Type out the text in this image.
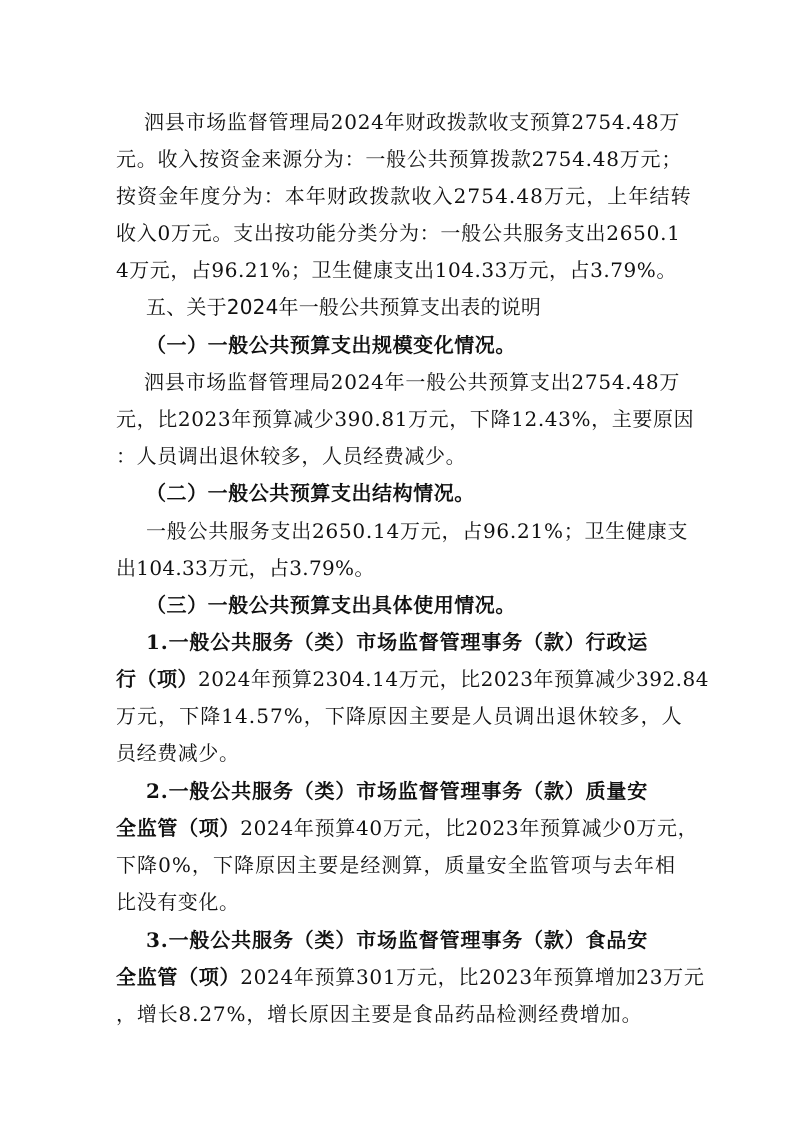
泗县市场监督管理局2024年财政拨款收支预算2754.48万

元。收入按资金来源分为：一般公共预算拨款2754.48万元；

按资金年度分为：本年财政拨款收入2754.48万元，上年结转

收入0万元。支出按功能分类分为：一般公共服务支出2650.1

4万元，占96.21%；卫生健康支出104.33万元，占3.79%。

五、关于2024年一般公共预算支出表的说明

（一）一般公共预算支出规模变化情况。

泗县市场监督管理局2024年一般公共预算支出2754.48万

元，比2023年预算减少390.81万元，下降12.43%，主要原因

：人员调出退休较多，人员经费减少。

（二）一般公共预算支出结构情况。

一般公共服务支出2650.14万元，占96.21%；卫生健康支

出104.33万元，占3.79%。

（三）一般公共预算支出具体使用情况。

1.一般公共服务（类）市场监督管理事务（款）行政运

行（项）2024年预算2304.14万元，比2023年预算减少392.84

万元，下降14.57%，下降原因主要是人员调出退休较多，人

员经费减少。

2.一般公共服务（类）市场监督管理事务（款）质量安

全监管（项）2024年预算40万元，比2023年预算减少0万元，

下降0%，下降原因主要是经测算，质量安全监管项与去年相

比没有变化。

3.一般公共服务（类）市场监督管理事务（款）食品安

全监管（项）2024年预算301万元，比2023年预算增加23万元

，增长8.27%，增长原因主要是食品药品检测经费增加。
